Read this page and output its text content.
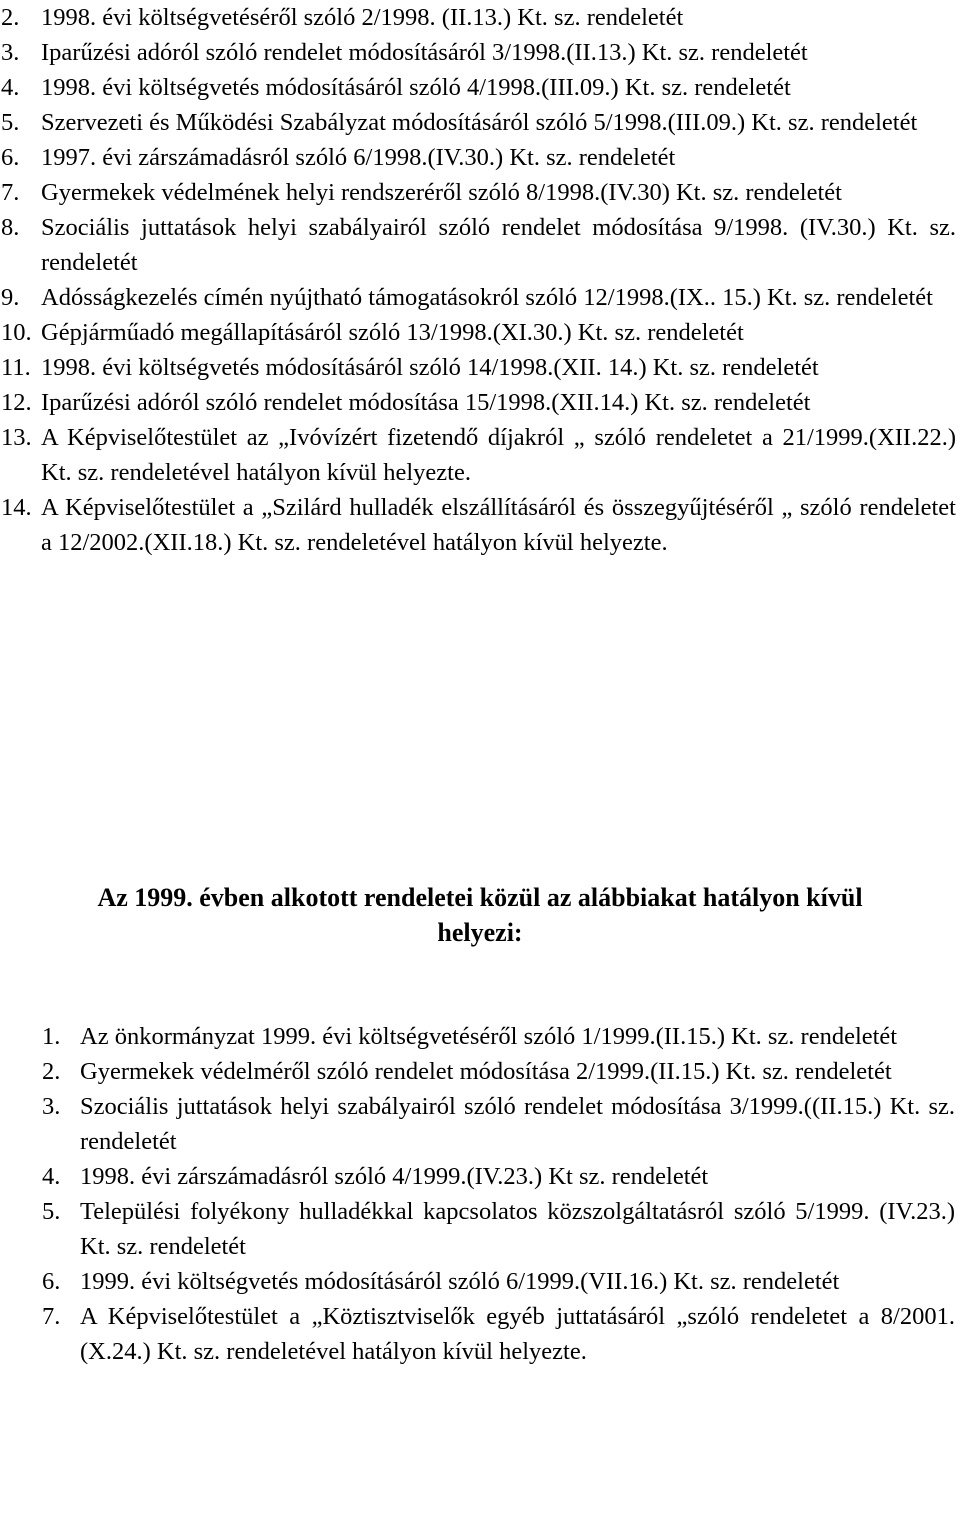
2. 1998. évi költségvetéséről szóló 2/1998. (II.13.) Kt. sz. rendeletét
3. Iparűzési adóról szóló rendelet módosításáról 3/1998.(II.13.) Kt. sz. rendeletét
4. 1998. évi költségvetés módosításáról szóló 4/1998.(III.09.) Kt. sz. rendeletét
5. Szervezeti és Működési Szabályzat módosításáról szóló 5/1998.(III.09.) Kt. sz. rendeletét
6. 1997. évi zárszámadásról szóló 6/1998.(IV.30.) Kt. sz. rendeletét
7. Gyermekek védelmének helyi rendszeréről szóló 8/1998.(IV.30) Kt. sz. rendeletét
8. Szociális juttatások helyi szabályairól szóló rendelet módosítása 9/1998. (IV.30.) Kt. sz. rendeletét
9. Adósságkezelés címén nyújtható támogatásokról szóló 12/1998.(IX.. 15.) Kt. sz. rendeletét
10. Gépjárműadó megállapításáról szóló 13/1998.(XI.30.) Kt. sz. rendeletét
11. 1998. évi költségvetés módosításáról szóló 14/1998.(XII. 14.) Kt. sz. rendeletét
12. Iparűzési adóról szóló rendelet módosítása 15/1998.(XII.14.) Kt. sz. rendeletét
13. A Képviselőtestület az „Ivóvízért fizetendő díjakról „ szóló rendeletet a 21/1999.(XII.22.) Kt. sz. rendeletével hatályon kívül helyezte.
14. A Képviselőtestület a „Szilárd hulladék elszállításáról és összegyűjtéséről „ szóló rendeletet a 12/2002.(XII.18.) Kt. sz. rendeletével hatályon kívül helyezte.
Az 1999. évben alkotott rendeletei közül az alábbiakat hatályon kívül
helyezi:
1. Az önkormányzat 1999. évi költségvetéséről szóló 1/1999.(II.15.) Kt. sz. rendeletét
2. Gyermekek védelméről szóló rendelet módosítása 2/1999.(II.15.) Kt. sz. rendeletét
3. Szociális juttatások helyi szabályairól szóló rendelet módosítása 3/1999.((II.15.) Kt. sz. rendeletét
4. 1998. évi zárszámadásról szóló 4/1999.(IV.23.) Kt sz. rendeletét
5. Települési folyékony hulladékkal kapcsolatos közszolgáltatásról szóló 5/1999. (IV.23.) Kt. sz. rendeletét
6. 1999. évi költségvetés módosításáról szóló 6/1999.(VII.16.) Kt. sz. rendeletét
7. A Képviselőtestület a „Köztisztviselők egyéb juttatásáról „szóló rendeletet a 8/2001.(X.24.) Kt. sz. rendeletével hatályon kívül helyezte.
